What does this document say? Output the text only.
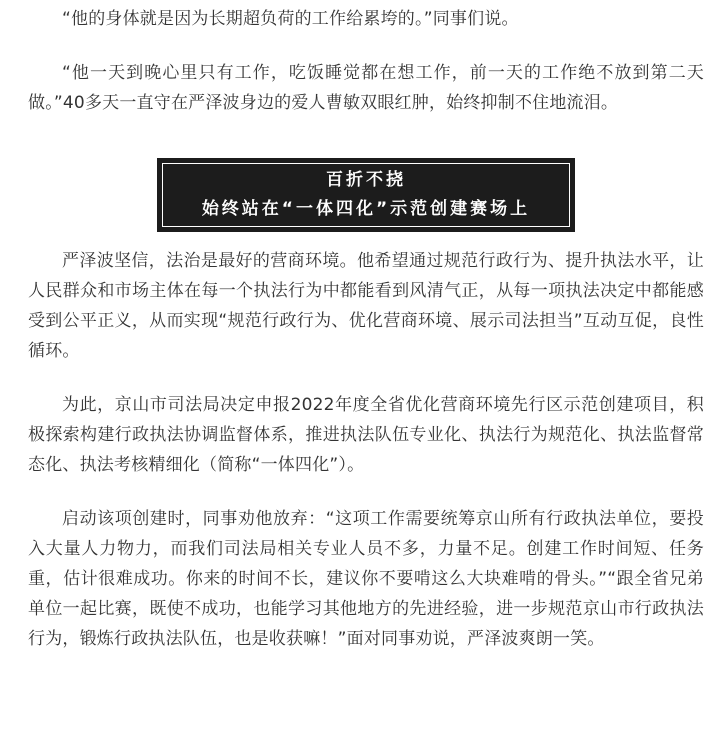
“他的身体就是因为长期超负荷的工作给累垮的。”同事们说。

“他一天到晚心里只有工作，吃饭睡觉都在想工作，前一天的工作绝不放到第二天做。”40多天一直守在严泽波身边的爱人曹敏双眼红肿，始终抑制不住地流泪。

百折不挠
始终站在“一体四化”示范创建赛场上

严泽波坚信，法治是最好的营商环境。他希望通过规范行政行为、提升执法水平，让人民群众和市场主体在每一个执法行为中都能看到风清气正，从每一项执法决定中都能感受到公平正义，从而实现“规范行政行为、优化营商环境、展示司法担当”互动互促，良性循环。

为此，京山市司法局决定申报2022年度全省优化营商环境先行区示范创建项目，积极探索构建行政执法协调监督体系，推进执法队伍专业化、执法行为规范化、执法监督常态化、执法考核精细化（简称“一体四化”）。

启动该项创建时，同事劝他放弃：“这项工作需要统筹京山所有行政执法单位，要投入大量人力物力，而我们司法局相关专业人员不多，力量不足。创建工作时间短、任务重，估计很难成功。你来的时间不长，建议你不要啃这么大块难啃的骨头。”“跟全省兄弟单位一起比赛，既使不成功，也能学习其他地方的先进经验，进一步规范京山市行政执法行为，锻炼行政执法队伍，也是收获嘛！”面对同事劝说，严泽波爽朗一笑。
